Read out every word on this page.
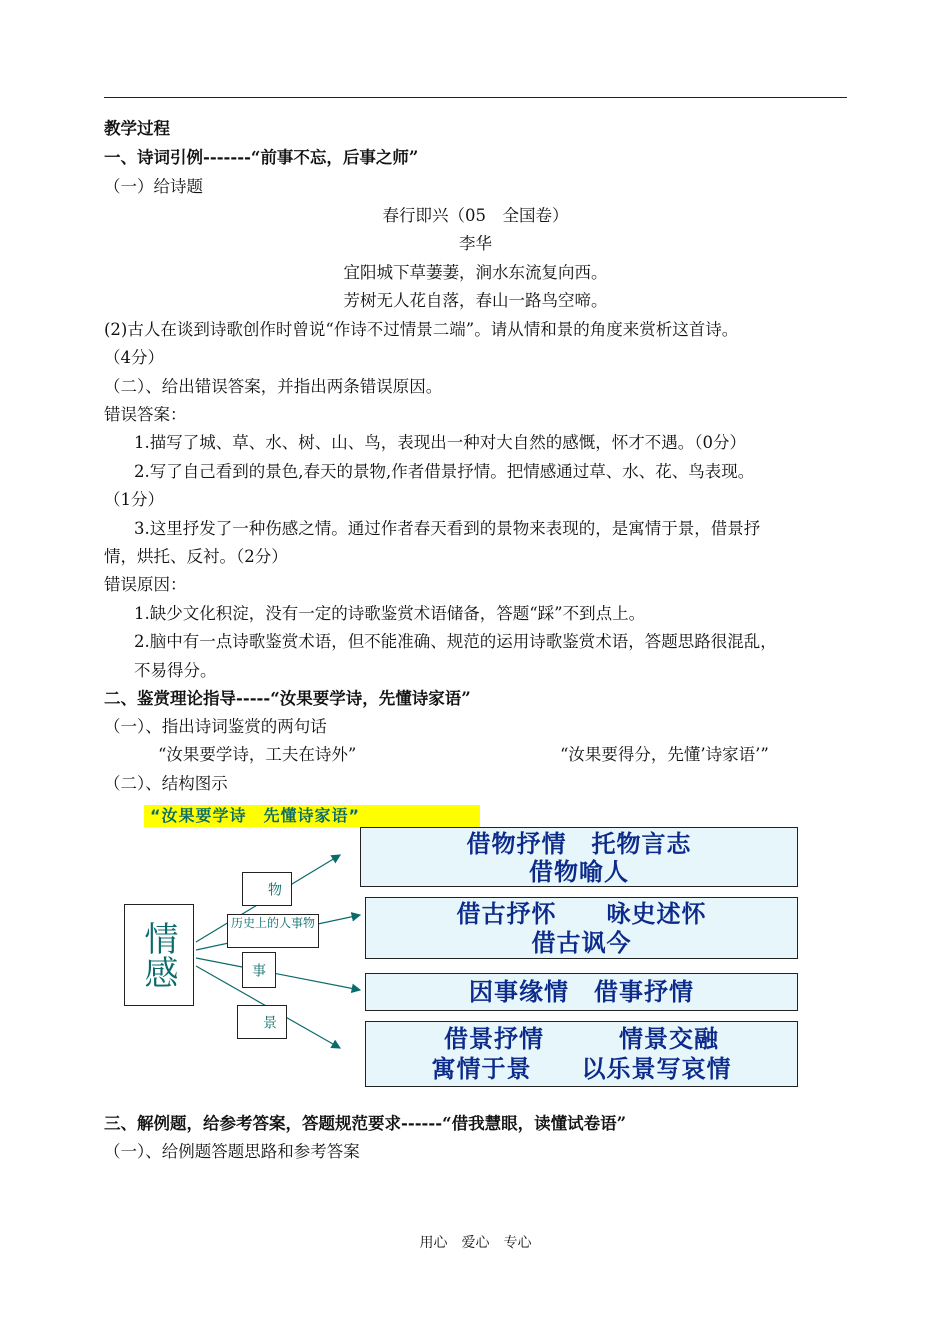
教学过程
一、诗词引例-------“前事不忘，后事之师”
（一）给诗题
春行即兴（05　全国卷）
李华
宜阳城下草萋萋，涧水东流复向西。
芳树无人花自落，春山一路鸟空啼。
(2)古人在谈到诗歌创作时曾说“作诗不过情景二端”。请从情和景的角度来赏析这首诗。
（4分）
（二）、给出错误答案，并指出两条错误原因。
错误答案：
1.描写了城、草、水、树、山、鸟，表现出一种对大自然的感慨，怀才不遇。（0分）
2.写了自己看到的景色,春天的景物,作者借景抒情。把情感通过草、水、花、鸟表现。
（1分）
3.这里抒发了一种伤感之情。通过作者春天看到的景物来表现的，是寓情于景，借景抒
情，烘托、反衬。（2分）
错误原因：
1.缺少文化积淀，没有一定的诗歌鉴赏术语储备，答题“踩”不到点上。
2.脑中有一点诗歌鉴赏术语，但不能准确、规范的运用诗歌鉴赏术语，答题思路很混乱，
不易得分。
二、鉴赏理论指导-----“汝果要学诗，先懂诗家语”
（一）、指出诗词鉴赏的两句话
“汝果要学诗，工夫在诗外”	“汝果要得分，先懂’诗家语’”
（二）、结构图示
“汝果要学诗　先懂诗家语”
情感
物
历史上的人事物
事
景
借物抒情　托物言志
借物喻人
借古抒怀　　咏史述怀
借古讽今
因事缘情　借事抒情
借景抒情　　　情景交融
寓情于景　　以乐景写哀情
三、解例题，给参考答案，答题规范要求------“借我慧眼，读懂试卷语”
（一）、给例题答题思路和参考答案
用心　爱心　专心
